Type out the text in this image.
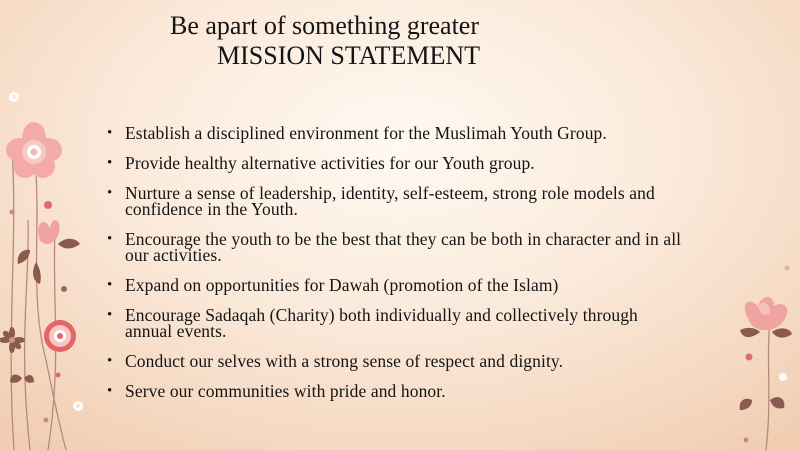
Be apart of something greater
MISSION STATEMENT
• Establish a disciplined environment for the Muslimah Youth Group.
• Provide healthy alternative activities for our Youth group.
• Nurture a sense of leadership, identity, self-esteem, strong role models and confidence in the Youth.
• Encourage the youth to be the best that they can be both in character and in all our activities.
• Expand on opportunities for Dawah (promotion of the Islam)
• Encourage Sadaqah (Charity) both individually and collectively through annual events.
• Conduct our selves with a strong sense of respect and dignity.
• Serve our communities with pride and honor.
